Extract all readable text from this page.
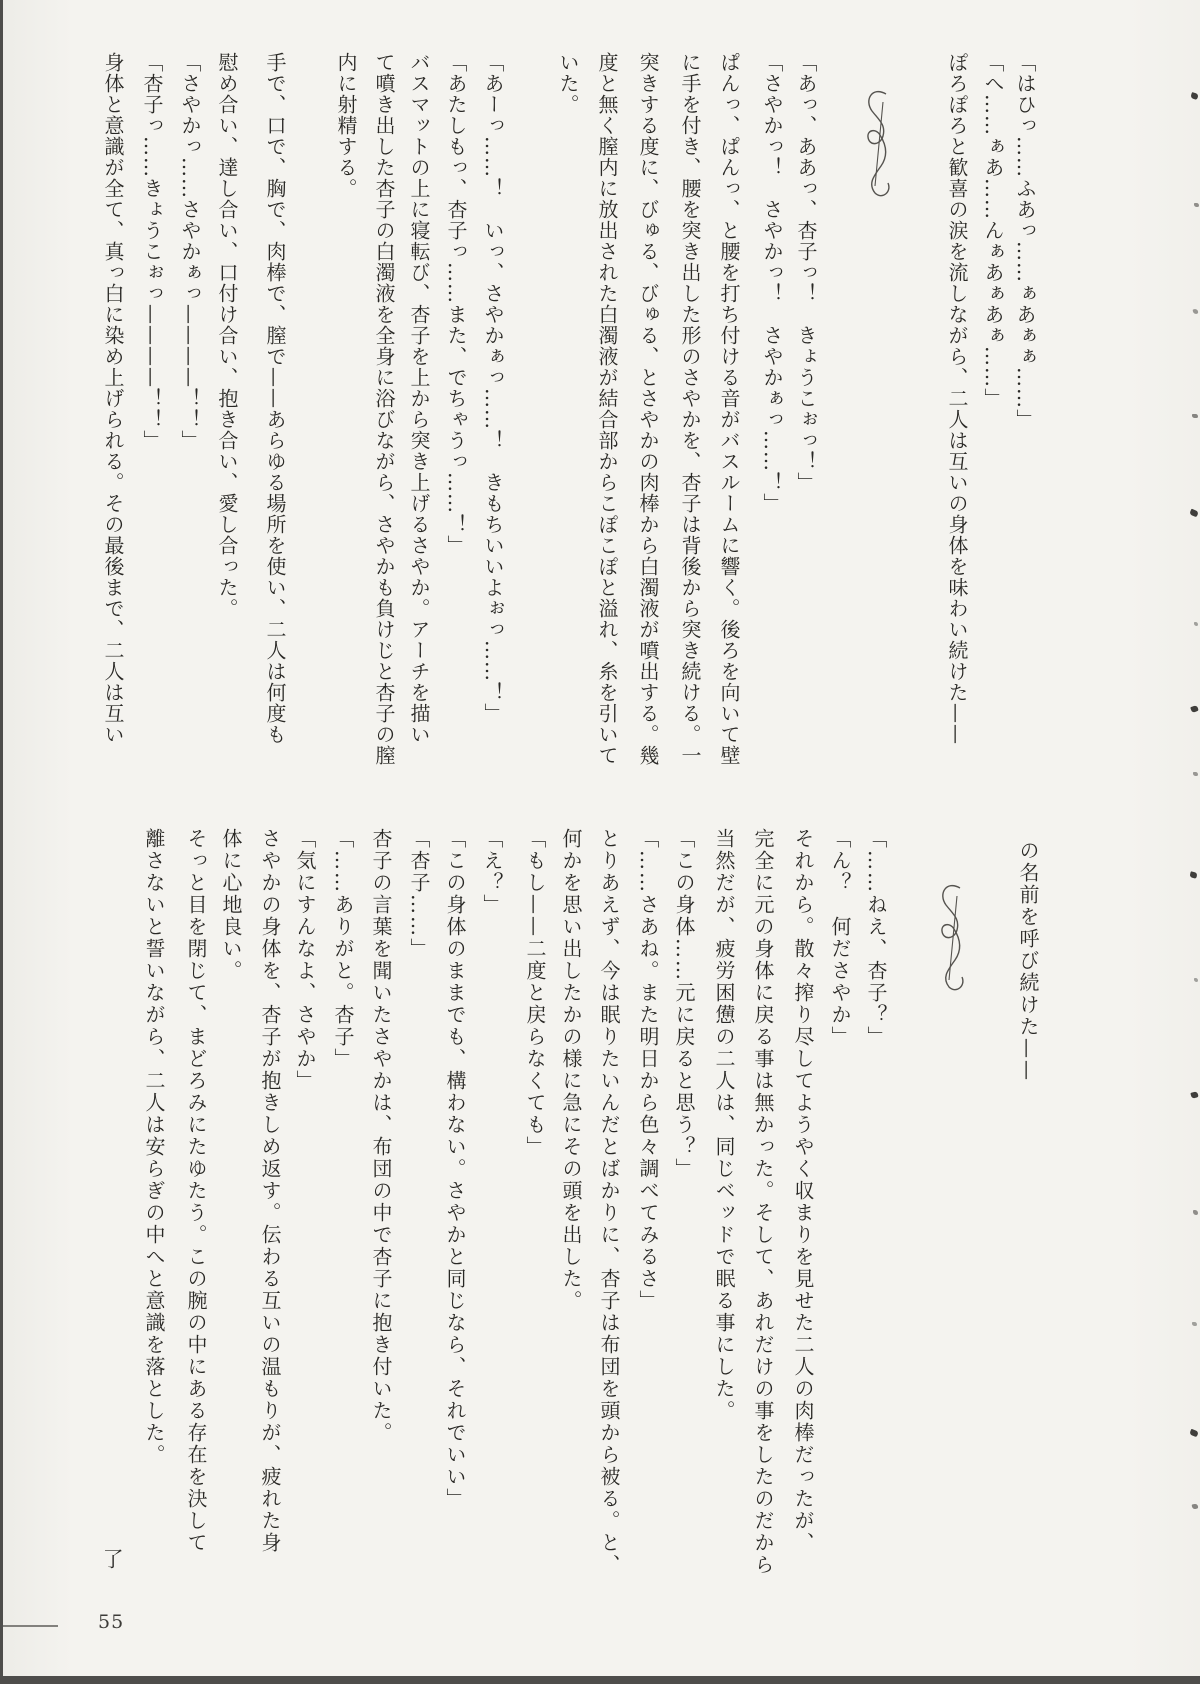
「はひっ……ふあっ……ぁあぁぁ……」
「へ……ぁあ……んぁあぁあぁ……」
ぽろぽろと歓喜の涙を流しながら、二人は互いの身体を味わい続けた——
「あっ、ああっ、杏子っ！　きょうこぉっ！」
「さやかっ！　さやかっ！　さやかぁっ……！」
ぱんっ、ぱんっ、と腰を打ち付ける音がバスルームに響く。後ろを向いて壁
に手を付き、腰を突き出した形のさやかを、杏子は背後から突き続ける。一
突きする度に、びゅる、びゅる、とさやかの肉棒から白濁液が噴出する。幾
度と無く膣内に放出された白濁液が結合部からこぽこぽと溢れ、糸を引いて
いた。
「あーっ……！　いっ、さやかぁっ……！　きもちいいよぉっ……！」
「あたしもっ、杏子っ……また、でちゃうっ……！」
バスマットの上に寝転び、杏子を上から突き上げるさやか。アーチを描い
て噴き出した杏子の白濁液を全身に浴びながら、さやかも負けじと杏子の膣
内に射精する。
手で、口で、胸で、肉棒で、膣で——あらゆる場所を使い、二人は何度も
慰め合い、達し合い、口付け合い、抱き合い、愛し合った。
「さやかっ……さやかぁっ————！！」
「杏子っ……きょうこぉっ————！！」
身体と意識が全て、真っ白に染め上げられる。その最後まで、二人は互い
の名前を呼び続けた——
「……ねえ、杏子？」
「ん？　何ださやか」
それから。散々搾り尽してようやく収まりを見せた二人の肉棒だったが、
完全に元の身体に戻る事は無かった。そして、あれだけの事をしたのだから
当然だが、疲労困憊の二人は、同じベッドで眠る事にした。
「この身体……元に戻ると思う？」
「……さあね。また明日から色々調べてみるさ」
とりあえず、今は眠りたいんだとばかりに、杏子は布団を頭から被る。と、
何かを思い出したかの様に急にその頭を出した。
「もし——二度と戻らなくても」
「え？」
「この身体のままでも、構わない。さやかと同じなら、それでいい」
「杏子……」
杏子の言葉を聞いたさやかは、布団の中で杏子に抱き付いた。
「……ありがと。杏子」
「気にすんなよ、さやか」
さやかの身体を、杏子が抱きしめ返す。伝わる互いの温もりが、疲れた身
体に心地良い。
そっと目を閉じて、まどろみにたゆたう。この腕の中にある存在を決して
離さないと誓いながら、二人は安らぎの中へと意識を落とした。
了
55
